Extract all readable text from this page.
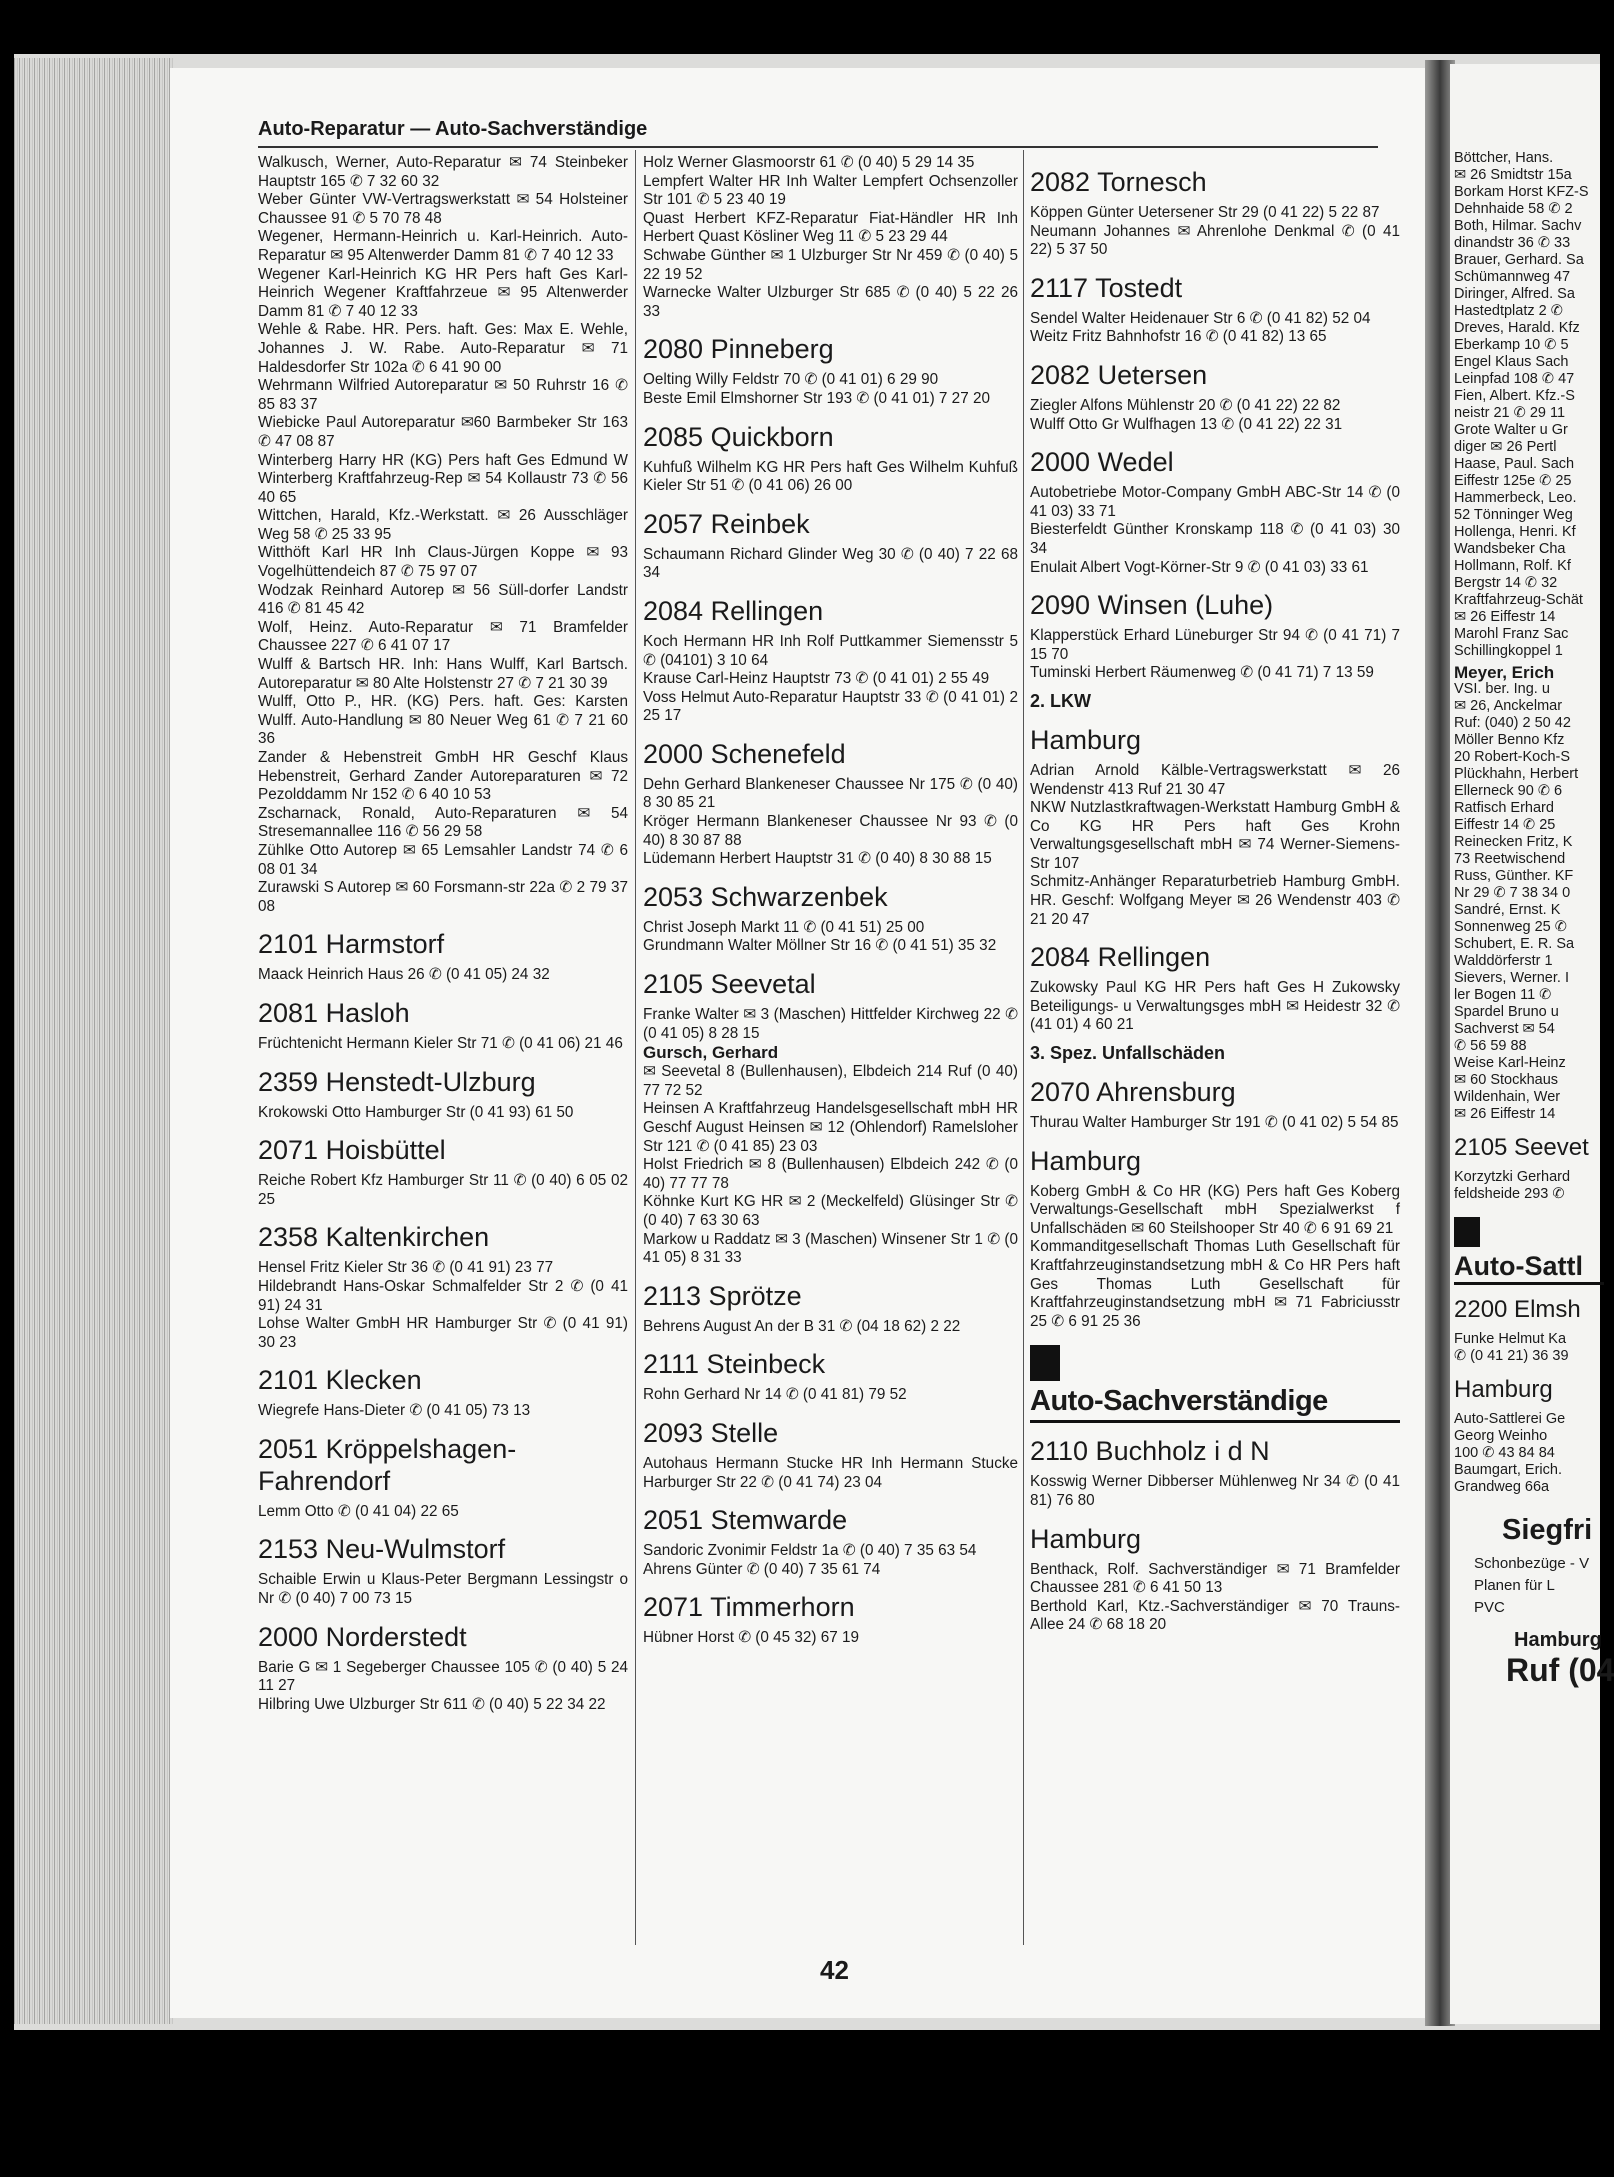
Auto-Reparatur — Auto-Sachverständige
Walkusch, Werner, Auto-Reparatur ✉ 74 Steinbeker Hauptstr 165 ✆ 7 32 60 32
Weber Günter VW-Vertragswerkstatt ✉ 54 Holsteiner Chaussee 91 ✆ 5 70 78 48
Wegener, Hermann-Heinrich u. Karl-Heinrich. Auto-Reparatur ✉ 95 Altenwerder Damm 81 ✆ 7 40 12 33
Wegener Karl-Heinrich KG HR Pers haft Ges Karl-Heinrich Wegener Kraftfahrzeue ✉ 95 Altenwerder Damm 81 ✆ 7 40 12 33
Wehle & Rabe. HR. Pers. haft. Ges: Max E. Wehle, Johannes J. W. Rabe. Auto-Reparatur ✉ 71 Haldesdorfer Str 102a ✆ 6 41 90 00
Wehrmann Wilfried Autoreparatur ✉ 50 Ruhrstr 16 ✆ 85 83 37
Wiebicke Paul Autoreparatur ✉60 Barmbeker Str 163 ✆ 47 08 87
Winterberg Harry HR (KG) Pers haft Ges Edmund W Winterberg Kraftfahrzeug-Rep ✉ 54 Kollaustr 73 ✆ 56 40 65
Wittchen, Harald, Kfz.-Werkstatt. ✉ 26 Ausschläger Weg 58 ✆ 25 33 95
Witthöft Karl HR Inh Claus-Jürgen Koppe ✉ 93 Vogelhüttendeich 87 ✆ 75 97 07
Wodzak Reinhard Autorep ✉ 56 Süll-dorfer Landstr 416 ✆ 81 45 42
Wolf, Heinz. Auto-Reparatur ✉ 71 Bramfelder Chaussee 227 ✆ 6 41 07 17
Wulff & Bartsch HR. Inh: Hans Wulff, Karl Bartsch. Autoreparatur ✉ 80 Alte Holstenstr 27 ✆ 7 21 30 39
Wulff, Otto P., HR. (KG) Pers. haft. Ges: Karsten Wulff. Auto-Handlung ✉ 80 Neuer Weg 61 ✆ 7 21 60 36
Zander & Hebenstreit GmbH HR Geschf Klaus Hebenstreit, Gerhard Zander Autoreparaturen ✉ 72 Pezolddamm Nr 152 ✆ 6 40 10 53
Zscharnack, Ronald, Auto-Reparaturen ✉ 54 Stresemannallee 116 ✆ 56 29 58
Zühlke Otto Autorep ✉ 65 Lemsahler Landstr 74 ✆ 6 08 01 34
Zurawski S Autorep ✉ 60 Forsmann-str 22a ✆ 2 79 37 08
2101 Harmstorf
Maack Heinrich Haus 26 ✆ (0 41 05) 24 32
2081 Hasloh
Früchtenicht Hermann Kieler Str 71 ✆ (0 41 06) 21 46
2359 Henstedt-Ulzburg
Krokowski Otto Hamburger Str (0 41 93) 61 50
2071 Hoisbüttel
Reiche Robert Kfz Hamburger Str 11 ✆ (0 40) 6 05 02 25
2358 Kaltenkirchen
Hensel Fritz Kieler Str 36 ✆ (0 41 91) 23 77
Hildebrandt Hans-Oskar Schmalfelder Str 2 ✆ (0 41 91) 24 31
Lohse Walter GmbH HR Hamburger Str ✆ (0 41 91) 30 23
2101 Klecken
Wiegrefe Hans-Dieter ✆ (0 41 05) 73 13
2051 Kröppelshagen-Fahrendorf
Lemm Otto ✆ (0 41 04) 22 65
2153 Neu-Wulmstorf
Schaible Erwin u Klaus-Peter Bergmann Lessingstr o Nr ✆ (0 40) 7 00 73 15
2000 Norderstedt
Barie G ✉ 1 Segeberger Chaussee 105 ✆ (0 40) 5 24 11 27
Hilbring Uwe Ulzburger Str 611 ✆ (0 40) 5 22 34 22
Holz Werner Glasmoorstr 61 ✆ (0 40) 5 29 14 35
Lempfert Walter HR Inh Walter Lempfert Ochsenzoller Str 101 ✆ 5 23 40 19
Quast Herbert KFZ-Reparatur Fiat-Händler HR Inh Herbert Quast Kösliner Weg 11 ✆ 5 23 29 44
Schwabe Günther ✉ 1 Ulzburger Str Nr 459 ✆ (0 40) 5 22 19 52
Warnecke Walter Ulzburger Str 685 ✆ (0 40) 5 22 26 33
2080 Pinneberg
Oelting Willy Feldstr 70 ✆ (0 41 01) 6 29 90
Beste Emil Elmshorner Str 193 ✆ (0 41 01) 7 27 20
2085 Quickborn
Kuhfuß Wilhelm KG HR Pers haft Ges Wilhelm Kuhfuß Kieler Str 51 ✆ (0 41 06) 26 00
2057 Reinbek
Schaumann Richard Glinder Weg 30 ✆ (0 40) 7 22 68 34
2084 Rellingen
Koch Hermann HR Inh Rolf Puttkammer Siemensstr 5 ✆ (04101) 3 10 64
Krause Carl-Heinz Hauptstr 73 ✆ (0 41 01) 2 55 49
Voss Helmut Auto-Reparatur Hauptstr 33 ✆ (0 41 01) 2 25 17
2000 Schenefeld
Dehn Gerhard Blankeneser Chaussee Nr 175 ✆ (0 40) 8 30 85 21
Kröger Hermann Blankeneser Chaussee Nr 93 ✆ (0 40) 8 30 87 88
Lüdemann Herbert Hauptstr 31 ✆ (0 40) 8 30 88 15
2053 Schwarzenbek
Christ Joseph Markt 11 ✆ (0 41 51) 25 00
Grundmann Walter Möllner Str 16 ✆ (0 41 51) 35 32
2105 Seevetal
Franke Walter ✉ 3 (Maschen) Hittfelder Kirchweg 22 ✆ (0 41 05) 8 28 15
Gursch, Gerhard
✉ Seevetal 8 (Bullenhausen), Elbdeich 214 Ruf (0 40) 77 72 52
Heinsen A Kraftfahrzeug Handelsgesellschaft mbH HR Geschf August Heinsen ✉ 12 (Ohlendorf) Ramelsloher Str 121 ✆ (0 41 85) 23 03
Holst Friedrich ✉ 8 (Bullenhausen) Elbdeich 242 ✆ (0 40) 77 77 78
Köhnke Kurt KG HR ✉ 2 (Meckelfeld) Glüsinger Str ✆ (0 40) 7 63 30 63
Markow u Raddatz ✉ 3 (Maschen) Winsener Str 1 ✆ (0 41 05) 8 31 33
2113 Sprötze
Behrens August An der B 31 ✆ (04 18 62) 2 22
2111 Steinbeck
Rohn Gerhard Nr 14 ✆ (0 41 81) 79 52
2093 Stelle
Autohaus Hermann Stucke HR Inh Hermann Stucke Harburger Str 22 ✆ (0 41 74) 23 04
2051 Stemwarde
Sandoric Zvonimir Feldstr 1a ✆ (0 40) 7 35 63 54
Ahrens Günter ✆ (0 40) 7 35 61 74
2071 Timmerhorn
Hübner Horst ✆ (0 45 32) 67 19
2082 Tornesch
Köppen Günter Uetersener Str 29 (0 41 22) 5 22 87
Neumann Johannes ✉ Ahrenlohe Denkmal ✆ (0 41 22) 5 37 50
2117 Tostedt
Sendel Walter Heidenauer Str 6 ✆ (0 41 82) 52 04
Weitz Fritz Bahnhofstr 16 ✆ (0 41 82) 13 65
2082 Uetersen
Ziegler Alfons Mühlenstr 20 ✆ (0 41 22) 22 82
Wulff Otto Gr Wulfhagen 13 ✆ (0 41 22) 22 31
2000 Wedel
Autobetriebe Motor-Company GmbH ABC-Str 14 ✆ (0 41 03) 33 71
Biesterfeldt Günther Kronskamp 118 ✆ (0 41 03) 30 34
Enulait Albert Vogt-Körner-Str 9 ✆ (0 41 03) 33 61
2090 Winsen (Luhe)
Klapperstück Erhard Lüneburger Str 94 ✆ (0 41 71) 7 15 70
Tuminski Herbert Räumenweg ✆ (0 41 71) 7 13 59
2. LKW
Hamburg
Adrian Arnold Kälble-Vertragswerkstatt ✉ 26 Wendenstr 413 Ruf 21 30 47
NKW Nutzlastkraftwagen-Werkstatt Hamburg GmbH & Co KG HR Pers haft Ges Krohn Verwaltungsgesellschaft mbH ✉ 74 Werner-Siemens-Str 107
Schmitz-Anhänger Reparaturbetrieb Hamburg GmbH. HR. Geschf: Wolfgang Meyer ✉ 26 Wendenstr 403 ✆ 21 20 47
2084 Rellingen
Zukowsky Paul KG HR Pers haft Ges H Zukowsky Beteiligungs- u Verwaltungsges mbH ✉ Heidestr 32 ✆ (41 01) 4 60 21
3. Spez. Unfallschäden
2070 Ahrensburg
Thurau Walter Hamburger Str 191 ✆ (0 41 02) 5 54 85
Hamburg
Koberg GmbH & Co HR (KG) Pers haft Ges Koberg Verwaltungs-Gesellschaft mbH Spezialwerkst f Unfallschäden ✉ 60 Steilshooper Str 40 ✆ 6 91 69 21
Kommanditgesellschaft Thomas Luth Gesellschaft für Kraftfahrzeuginstandsetzung mbH & Co HR Pers haft Ges Thomas Luth Gesellschaft für Kraftfahrzeuginstandsetzung mbH ✉ 71 Fabriciusstr 25 ✆ 6 91 25 36
Auto-Sachverständige
2110 Buchholz i d N
Kosswig Werner Dibberser Mühlenweg Nr 34 ✆ (0 41 81) 76 80
Hamburg
Benthack, Rolf. Sachverständiger ✉ 71 Bramfelder Chaussee 281 ✆ 6 41 50 13
Berthold Karl, Ktz.-Sachverständiger ✉ 70 Trauns-Allee 24 ✆ 68 18 20
42
Böttcher, Hans.
✉ 26 Smidtstr 15a
Borkam Horst KFZ-S
Dehnhaide 58 ✆ 2
Both, Hilmar. Sachv
dinandstr 36 ✆ 33
Brauer, Gerhard. Sa
Schümannweg 47
Diringer, Alfred. Sa
Hastedtplatz 2 ✆
Dreves, Harald. Kfz
Eberkamp 10 ✆ 5
Engel Klaus Sach
Leinpfad 108 ✆ 47
Fien, Albert. Kfz.-S
neistr 21 ✆ 29 11
Grote Walter u Gr
diger ✉ 26 Pertl
Haase, Paul. Sach
Eiffestr 125e ✆ 25
Hammerbeck, Leo.
52 Tönninger Weg
Hollenga, Henri. Kf
Wandsbeker Cha
Hollmann, Rolf. Kf
Bergstr 14 ✆ 32
Kraftfahrzeug-Schät
✉ 26 Eiffestr 14
Marohl Franz Sac
Schillingkoppel 1
Meyer, Erich
VSI. ber. Ing. u
✉ 26, Anckelmar
Ruf: (040) 2 50 42
Möller Benno Kfz
20 Robert-Koch-S
Plückhahn, Herbert
Ellerneck 90 ✆ 6
Ratfisch Erhard
Eiffestr 14 ✆ 25
Reinecken Fritz, K
73 Reetwischend
Russ, Günther. KF
Nr 29 ✆ 7 38 34 0
Sandré, Ernst. K
Sonnenweg 25 ✆
Schubert, E. R. Sa
Walddörferstr 1
Sievers, Werner. I
ler Bogen 11 ✆
Spardel Bruno u
Sachverst ✉ 54
✆ 56 59 88
Weise Karl-Heinz
✉ 60 Stockhaus
Wildenhain, Wer
✉ 26 Eiffestr 14
2105 Seevet
Korzytzki Gerhard
feldsheide 293 ✆
Auto-Sattl
2200 Elmsh
Funke Helmut Ka
✆ (0 41 21) 36 39
Hamburg
Auto-Sattlerei Ge
Georg Weinho
100 ✆ 43 84 84
Baumgart, Erich.
Grandweg 66a
Siegfri
Schonbezüge - V
Planen für L
PVC
Hamburg
Ruf (04
